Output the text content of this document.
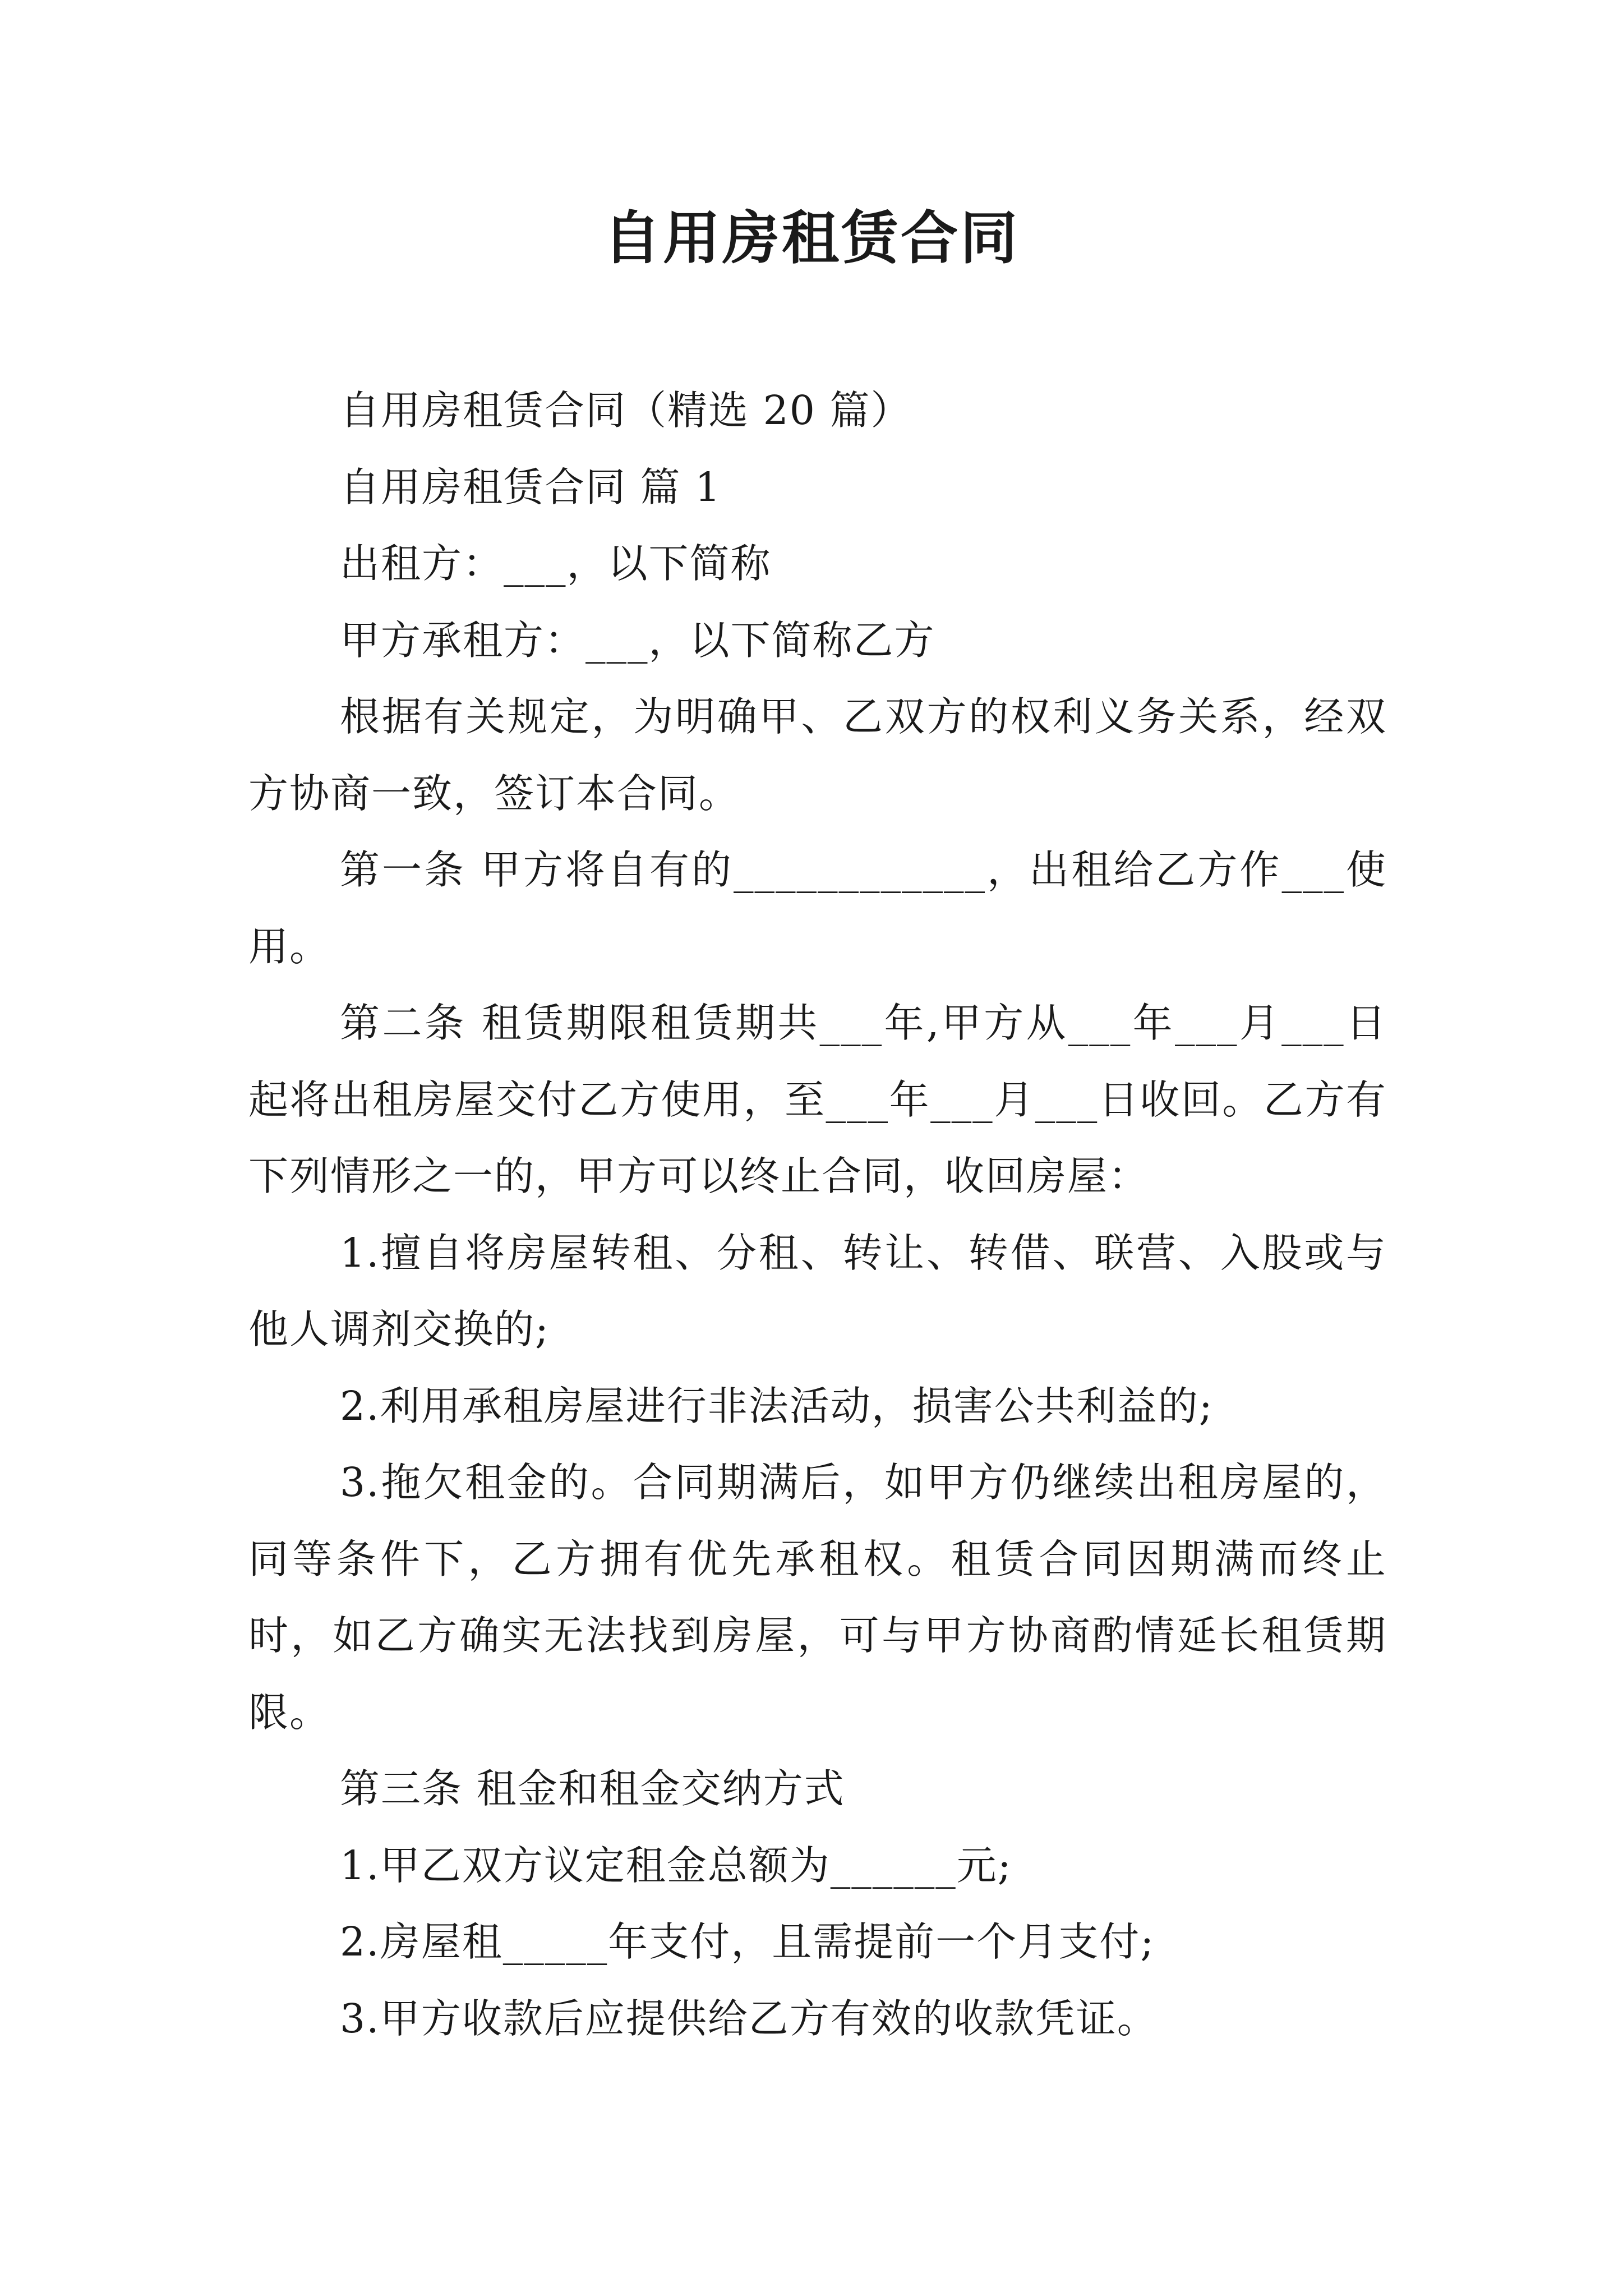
自用房租赁合同

自用房租赁合同（精选 20 篇）

自用房租赁合同 篇 1

出租方：___，以下简称

甲方承租方：___，以下简称乙方

根据有关规定，为明确甲、乙双方的权利义务关系，经双方协商一致，签订本合同。

第一条 甲方将自有的____________，出租给乙方作___使用。

第二条 租赁期限租赁期共___年,甲方从___年___月___日起将出租房屋交付乙方使用，至___年___月___日收回。乙方有下列情形之一的，甲方可以终止合同，收回房屋：

1.擅自将房屋转租、分租、转让、转借、联营、入股或与他人调剂交换的;

2.利用承租房屋进行非法活动，损害公共利益的;

3.拖欠租金的。合同期满后，如甲方仍继续出租房屋的，同等条件下，乙方拥有优先承租权。租赁合同因期满而终止时，如乙方确实无法找到房屋，可与甲方协商酌情延长租赁期限。

第三条 租金和租金交纳方式

1.甲乙双方议定租金总额为______元;

2.房屋租_____年支付，且需提前一个月支付;

3.甲方收款后应提供给乙方有效的收款凭证。
